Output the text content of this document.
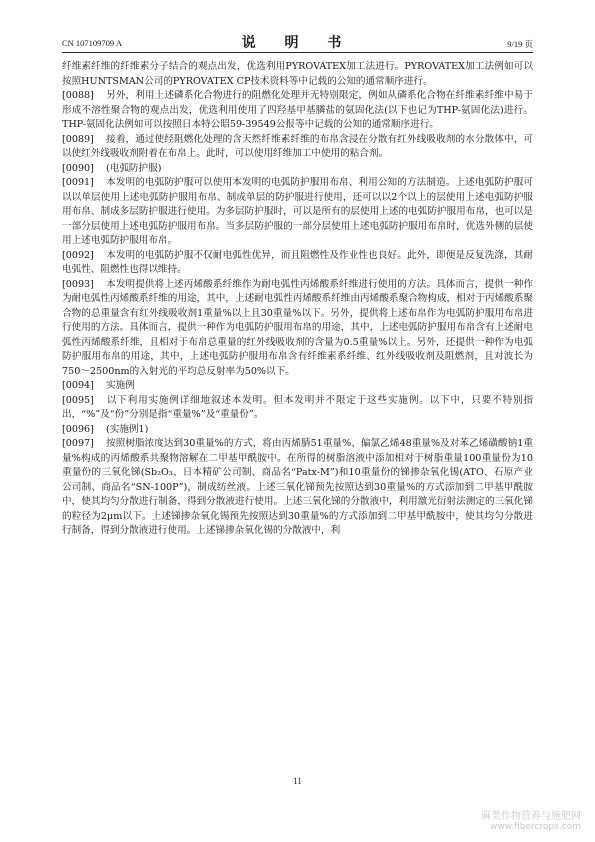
CN 107109709 A	说 明 书	9/19 页

纤维素纤维的纤维素分子结合的观点出发，优选利用PYROVATEX加工法进行。PYROVATEX加工法例如可以按照HUNTSMAN公司的PYROVATEX CP技术资料等中记载的公知的通常顺序进行。

[0088] 另外，利用上述磷系化合物进行的阻燃化处理并无特别限定，例如从磷系化合物在纤维素纤维中易于形成不溶性聚合物的观点出发，优选利用使用了四羟基甲基膦盐的氨固化法(以下也记为THP-氨固化法)进行。THP-氨固化法例如可以按照日本特公昭59-39549公报等中记载的公知的通常顺序进行。

[0089] 接着，通过使经阻燃化处理的含天然纤维素纤维的布帛含浸在分散有红外线吸收剂的水分散体中，可以使红外线吸收剂附着在布帛上。此时，可以使用纤维加工中使用的粘合剂。

[0090] (电弧防护服)

[0091] 本发明的电弧防护服可以使用本发明的电弧防护服用布帛、利用公知的方法制造。上述电弧防护服可以以单层使用上述电弧防护服用布帛、制成单层的防护服进行使用，还可以以2个以上的层使用上述电弧防护服用布帛、制成多层防护服进行使用。为多层防护服时，可以是所有的层使用上述的电弧防护服用布帛，也可以是一部分层使用上述电弧防护服用布帛。当多层防护服的一部分层使用上述电弧防护服用布帛时，优选外侧的层使用上述电弧防护服用布帛。

[0092] 本发明的电弧防护服不仅耐电弧性优异，而且阻燃性及作业性也良好。此外，即便是反复洗涤，其耐电弧性、阻燃性也得以维持。

[0093] 本发明提供将上述丙烯酸系纤维作为耐电弧性丙烯酸系纤维进行使用的方法。具体而言，提供一种作为耐电弧性丙烯酸系纤维的用途，其中，上述耐电弧性丙烯酸系纤维由丙烯酸系聚合物构成，相对于丙烯酸系聚合物的总重量含有红外线吸收剂1重量%以上且30重量%以下。另外，提供将上述布帛作为电弧防护服用布帛进行使用的方法。具体而言，提供一种作为电弧防护服用布帛的用途，其中，上述电弧防护服用布帛含有上述耐电弧性丙烯酸系纤维，且相对于布帛总重量的红外线吸收剂的含量为0.5重量%以上。另外，还提供一种作为电弧防护服用布帛的用途，其中，上述电弧防护服用布帛含有纤维素系纤维、红外线吸收剂及阻燃剂，且对波长为750～2500nm的入射光的平均总反射率为50%以下。

[0094] 实施例

[0095] 以下利用实施例详细地叙述本发明。但本发明并不限定于这些实施例。以下中，只要不特别指出，“%”及“份”分别是指“重量%”及“重量份”。

[0096] (实施例1)

[0097] 按照树脂浓度达到30重量%的方式，将由丙烯腈51重量%、偏氯乙烯48重量%及对苯乙烯磺酸钠1重量%构成的丙烯酸系共聚物溶解在二甲基甲酰胺中。在所得的树脂溶液中添加相对于树脂重量100重量份为10重量份的三氧化锑(Sb₂O₃、日本精矿公司制、商品名“Patx-M”)和10重量份的锑掺杂氧化锡(ATO、石原产业公司制、商品名“SN-100P”)，制成纺丝液。上述三氧化锑预先按照达到30重量%的方式添加到二甲基甲酰胺中，使其均匀分散进行制备，得到分散液进行使用。上述三氧化锑的分散液中，利用激光衍射法测定的三氧化锑的粒径为2μm以下。上述锑掺杂氧化锡预先按照达到30重量%的方式添加到二甲基甲酰胺中，使其均匀分散进行制备，得到分散液进行使用。上述锑掺杂氧化锡的分散液中，利

11
麻类作物营养与施肥网
www.fibercrops.com
